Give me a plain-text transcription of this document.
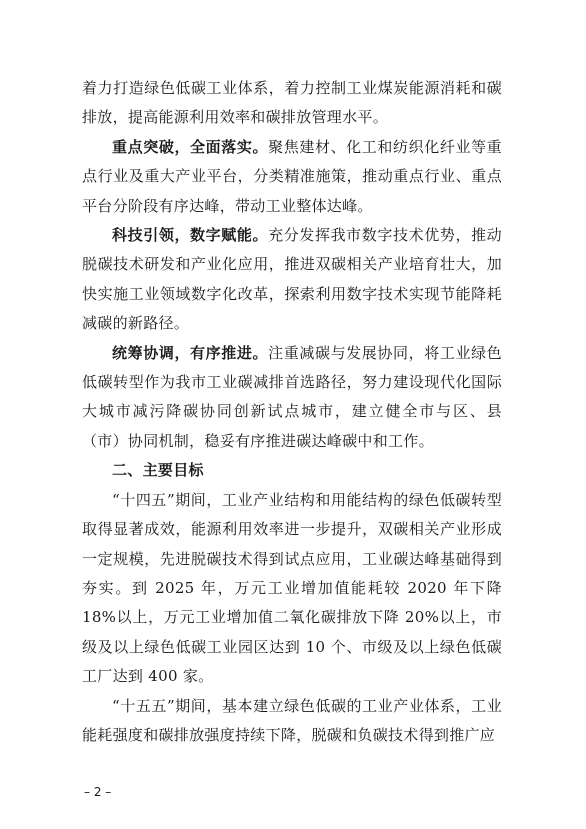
着力打造绿色低碳工业体系，着力控制工业煤炭能源消耗和碳排放，提高能源利用效率和碳排放管理水平。

重点突破，全面落实。聚焦建材、化工和纺织化纤业等重点行业及重大产业平台，分类精准施策，推动重点行业、重点平台分阶段有序达峰，带动工业整体达峰。

科技引领，数字赋能。充分发挥我市数字技术优势，推动脱碳技术研发和产业化应用，推进双碳相关产业培育壮大，加快实施工业领域数字化改革，探索利用数字技术实现节能降耗减碳的新路径。

统筹协调，有序推进。注重减碳与发展协同，将工业绿色低碳转型作为我市工业碳减排首选路径，努力建设现代化国际大城市减污降碳协同创新试点城市，建立健全市与区、县（市）协同机制，稳妥有序推进碳达峰碳中和工作。

二、主要目标

“十四五”期间，工业产业结构和用能结构的绿色低碳转型取得显著成效，能源利用效率进一步提升，双碳相关产业形成一定规模，先进脱碳技术得到试点应用，工业碳达峰基础得到夯实。到 2025 年，万元工业增加值能耗较 2020 年下降 18%以上，万元工业增加值二氧化碳排放下降 20%以上，市级及以上绿色低碳工业园区达到 10 个、市级及以上绿色低碳工厂达到 400 家。

“十五五”期间，基本建立绿色低碳的工业产业体系，工业能耗强度和碳排放强度持续下降，脱碳和负碳技术得到推广应

– 2 –
